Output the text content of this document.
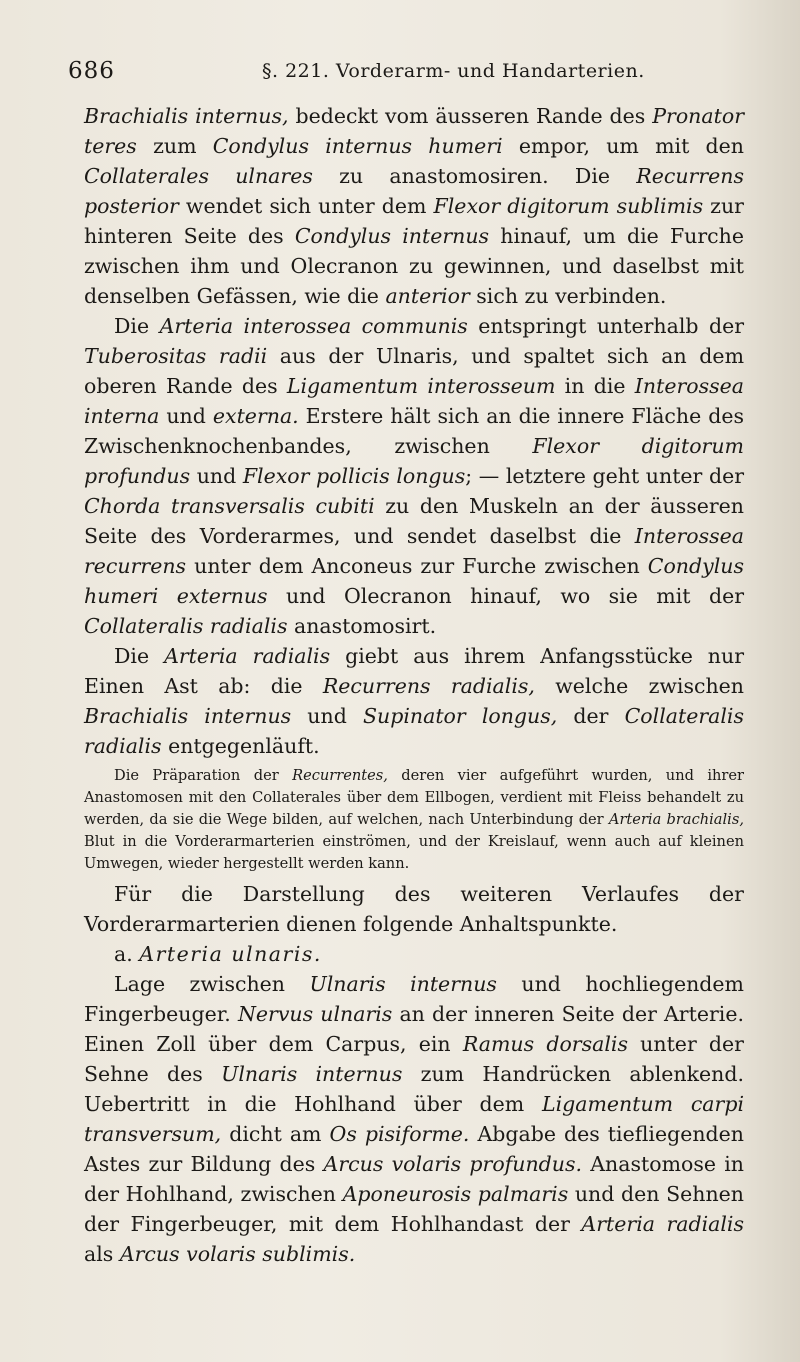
686	§. 221. Vorderarm- und Handarterien.

Brachialis internus, bedeckt vom äusseren Rande des Pronator teres zum Condylus internus humeri empor, um mit den Collaterales ulnares zu anastomosiren. Die Recurrens posterior wendet sich unter dem Flexor digitorum sublimis zur hinteren Seite des Condylus internus hinauf, um die Furche zwischen ihm und Olecranon zu gewinnen, und daselbst mit denselben Gefässen, wie die anterior sich zu verbinden.

Die Arteria interossea communis entspringt unterhalb der Tuberositas radii aus der Ulnaris, und spaltet sich an dem oberen Rande des Ligamentum interosseum in die Interossea interna und externa. Erstere hält sich an die innere Fläche des Zwischenknochenbandes, zwischen Flexor digitorum profundus und Flexor pollicis longus; — letztere geht unter der Chorda transversalis cubiti zu den Muskeln an der äusseren Seite des Vorderarmes, und sendet daselbst die Interossea recurrens unter dem Anconeus zur Furche zwischen Condylus humeri externus und Olecranon hinauf, wo sie mit der Collateralis radialis anastomosirt.

Die Arteria radialis giebt aus ihrem Anfangsstücke nur Einen Ast ab: die Recurrens radialis, welche zwischen Brachialis internus und Supinator longus, der Collateralis radialis entgegenläuft.

Die Präparation der Recurrentes, deren vier aufgeführt wurden, und ihrer Anastomosen mit den Collaterales über dem Ellbogen, verdient mit Fleiss behandelt zu werden, da sie die Wege bilden, auf welchen, nach Unterbindung der Arteria brachialis, Blut in die Vorderarmarterien einströmen, und der Kreislauf, wenn auch auf kleinen Umwegen, wieder hergestellt werden kann.

Für die Darstellung des weiteren Verlaufes der Vorderarmarterien dienen folgende Anhaltspunkte.

a. Arteria ulnaris.

Lage zwischen Ulnaris internus und hochliegendem Fingerbeuger. Nervus ulnaris an der inneren Seite der Arterie. Einen Zoll über dem Carpus, ein Ramus dorsalis unter der Sehne des Ulnaris internus zum Handrücken ablenkend. Uebertritt in die Hohlhand über dem Ligamentum carpi transversum, dicht am Os pisiforme. Abgabe des tiefliegenden Astes zur Bildung des Arcus volaris profundus. Anastomose in der Hohlhand, zwischen Aponeurosis palmaris und den Sehnen der Fingerbeuger, mit dem Hohlhandast der Arteria radialis als Arcus volaris sublimis.
